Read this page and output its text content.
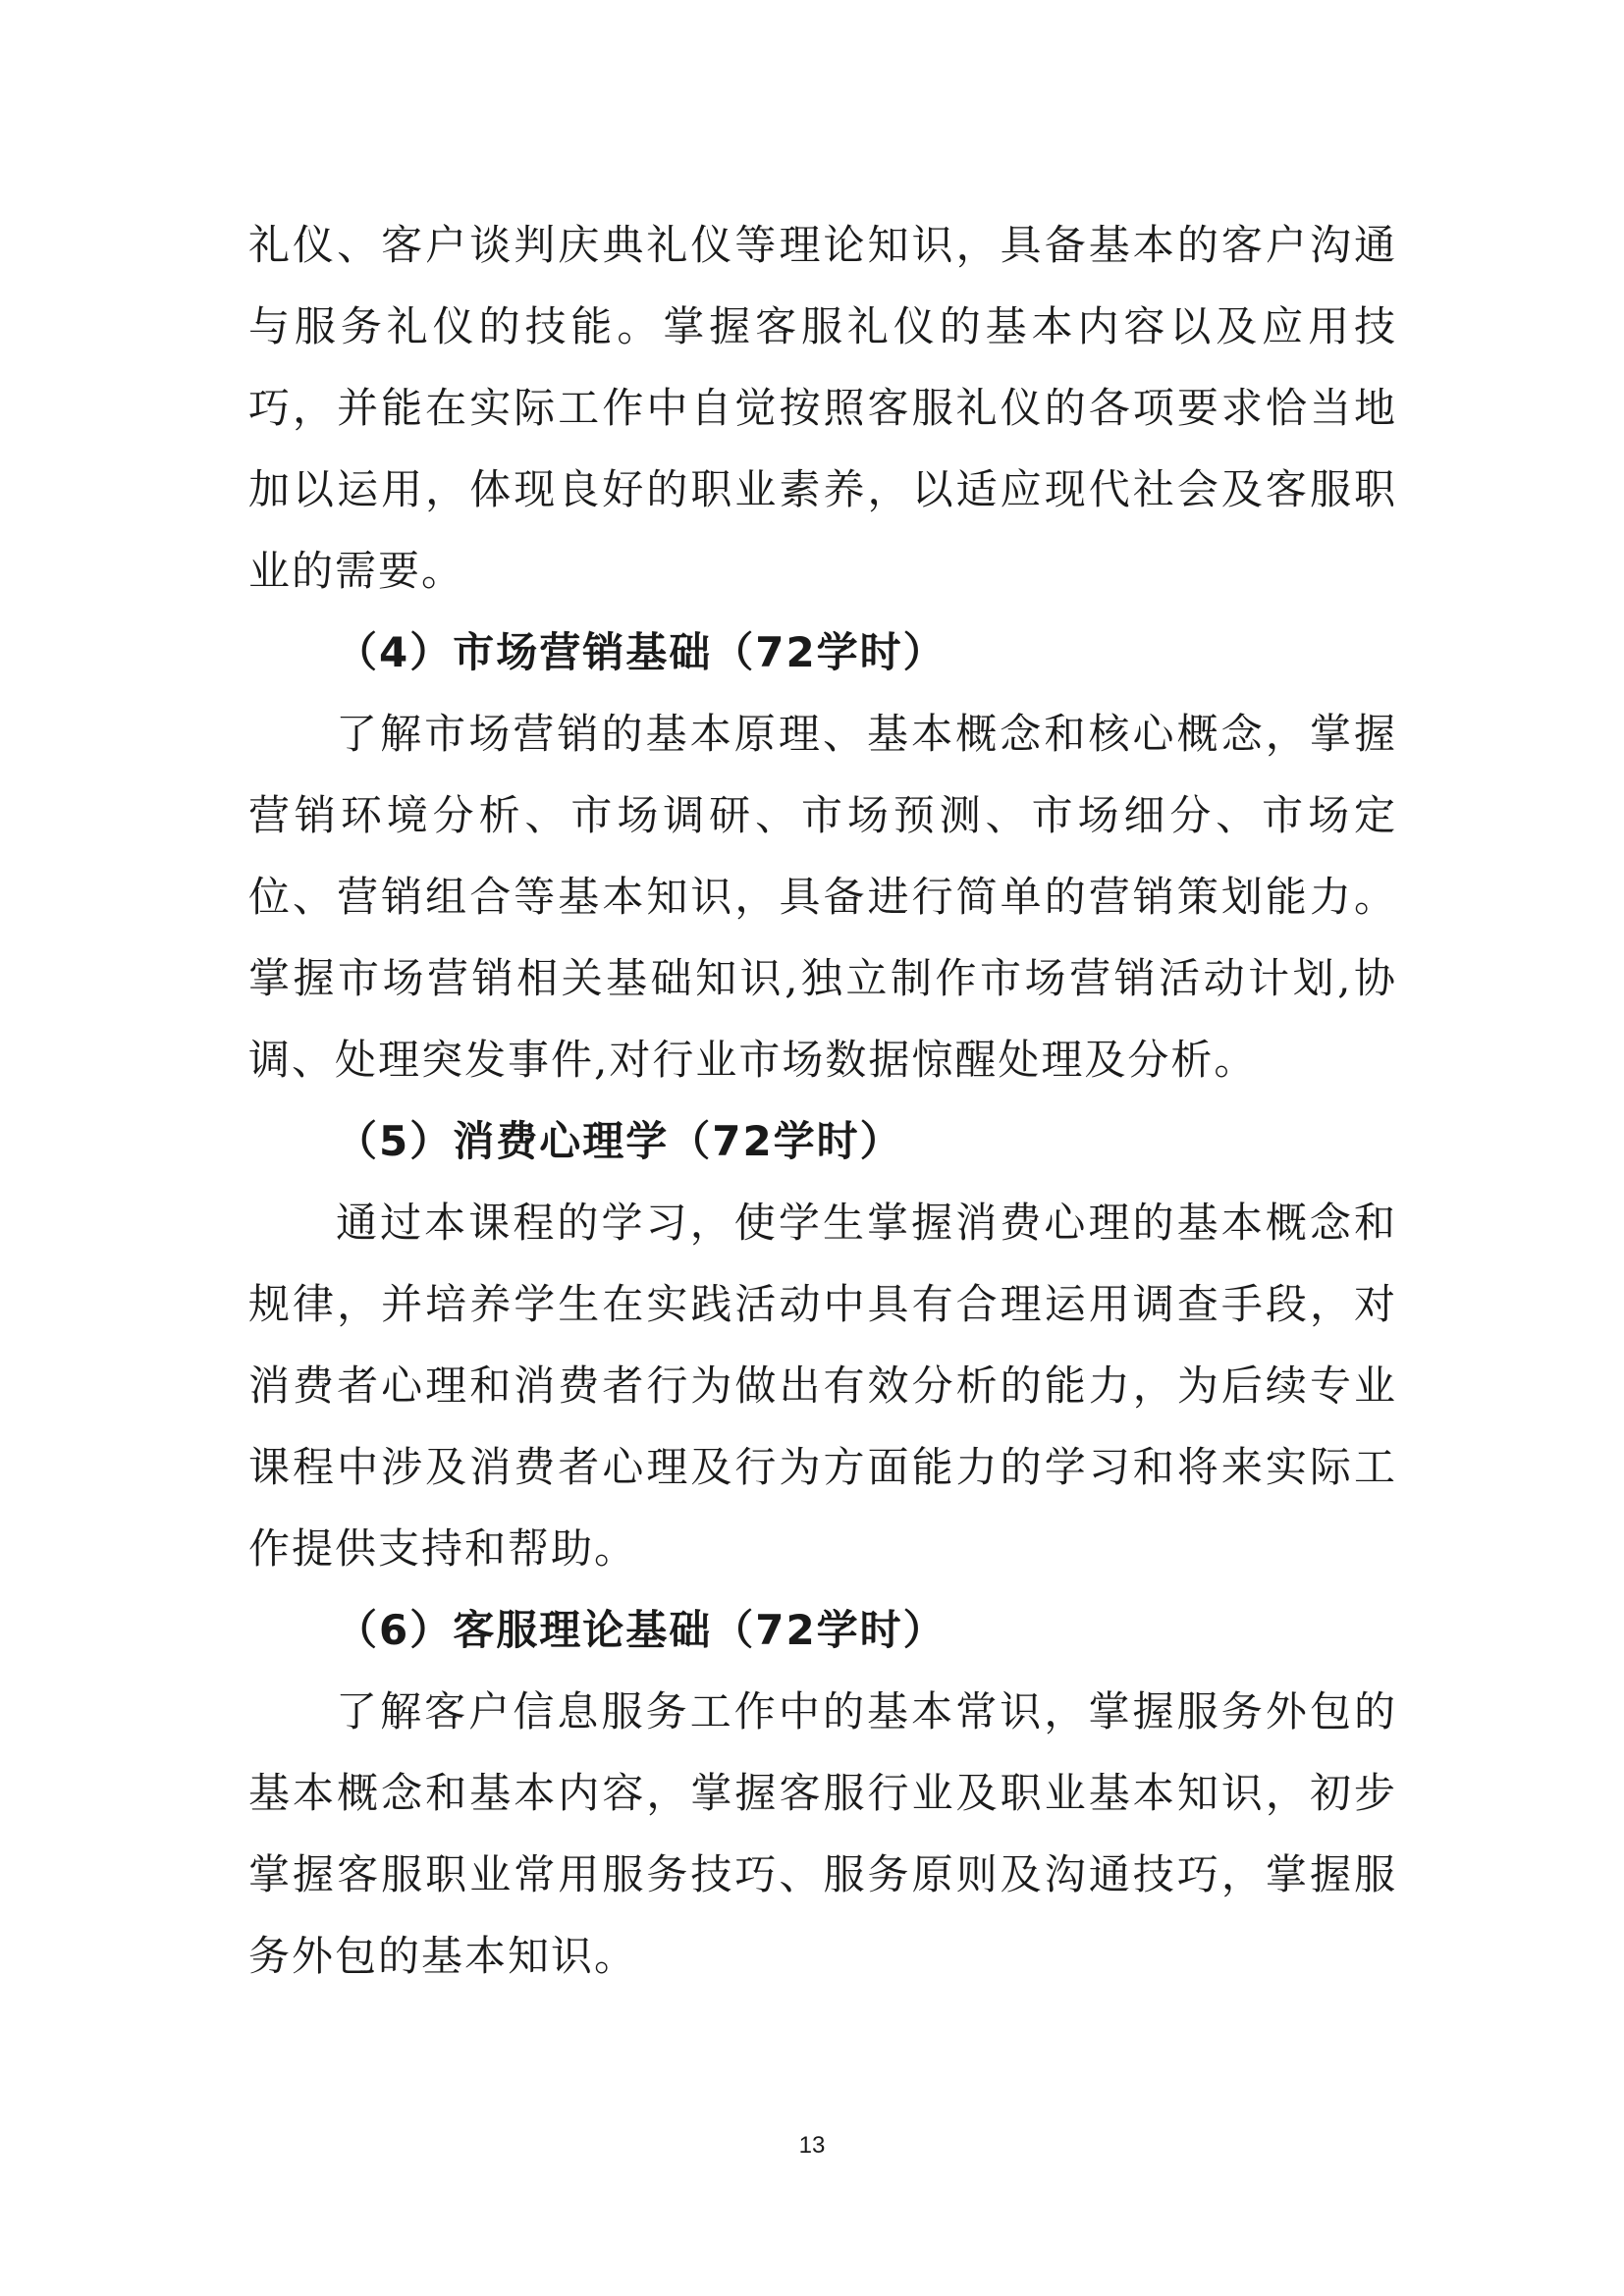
礼仪、客户谈判庆典礼仪等理论知识，具备基本的客户沟通与服务礼仪的技能。掌握客服礼仪的基本内容以及应用技巧，并能在实际工作中自觉按照客服礼仪的各项要求恰当地加以运用，体现良好的职业素养，以适应现代社会及客服职业的需要。

（4）市场营销基础（72学时）

了解市场营销的基本原理、基本概念和核心概念，掌握营销环境分析、市场调研、市场预测、市场细分、市场定位、营销组合等基本知识，具备进行简单的营销策划能力。掌握市场营销相关基础知识,独立制作市场营销活动计划,协调、处理突发事件,对行业市场数据惊醒处理及分析。

（5）消费心理学（72学时）

通过本课程的学习，使学生掌握消费心理的基本概念和规律，并培养学生在实践活动中具有合理运用调查手段，对消费者心理和消费者行为做出有效分析的能力，为后续专业课程中涉及消费者心理及行为方面能力的学习和将来实际工作提供支持和帮助。

（6）客服理论基础（72学时）

了解客户信息服务工作中的基本常识，掌握服务外包的基本概念和基本内容，掌握客服行业及职业基本知识，初步掌握客服职业常用服务技巧、服务原则及沟通技巧，掌握服务外包的基本知识。

13
